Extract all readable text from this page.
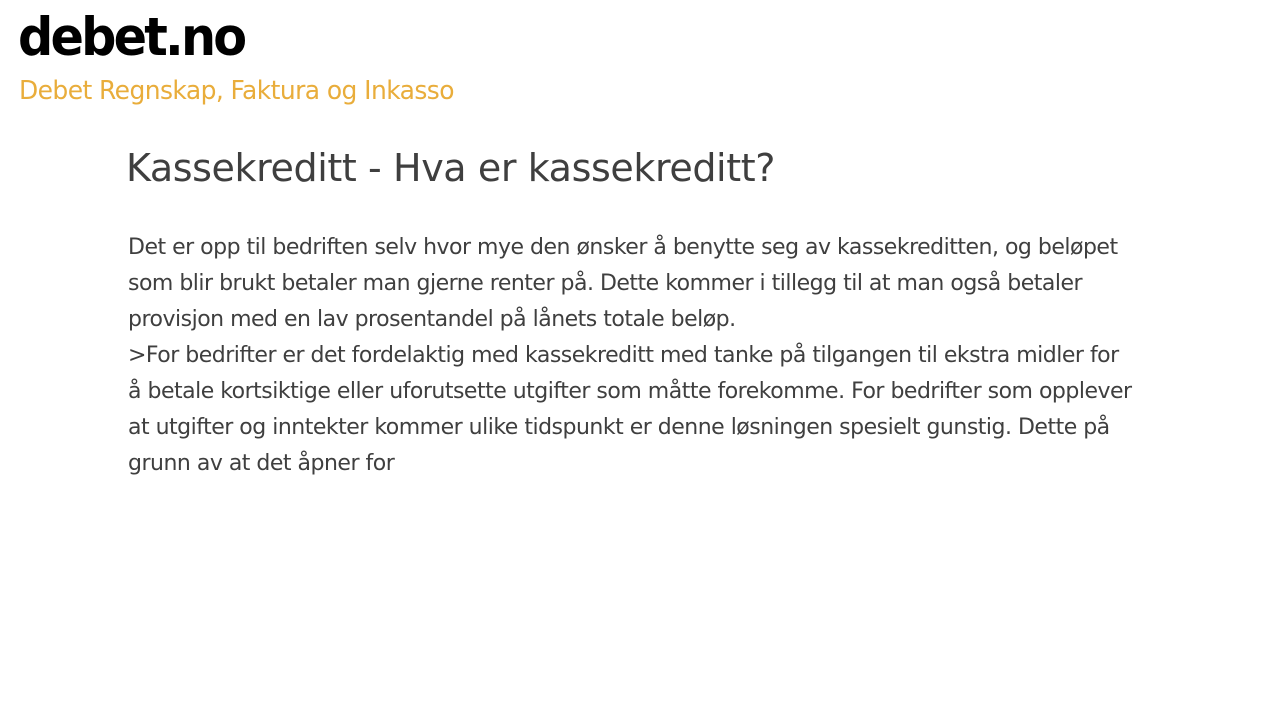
debet.no
Debet Regnskap, Faktura og Inkasso
Kassekreditt - Hva er kassekreditt?

Det er opp til bedriften selv hvor mye den ønsker å benytte seg av kassekreditten, og beløpet som blir brukt betaler man gjerne renter på. Dette kommer i tillegg til at man også betaler provisjon med en lav prosentandel på lånets totale beløp.

>For bedrifter er det fordelaktig med kassekreditt med tanke på tilgangen til ekstra midler for å betale kortsiktige eller uforutsette utgifter som måtte forekomme. For bedrifter som opplever at utgifter og inntekter kommer ulike tidspunkt er denne løsningen spesielt gunstig. Dette på grunn av at det åpner for
